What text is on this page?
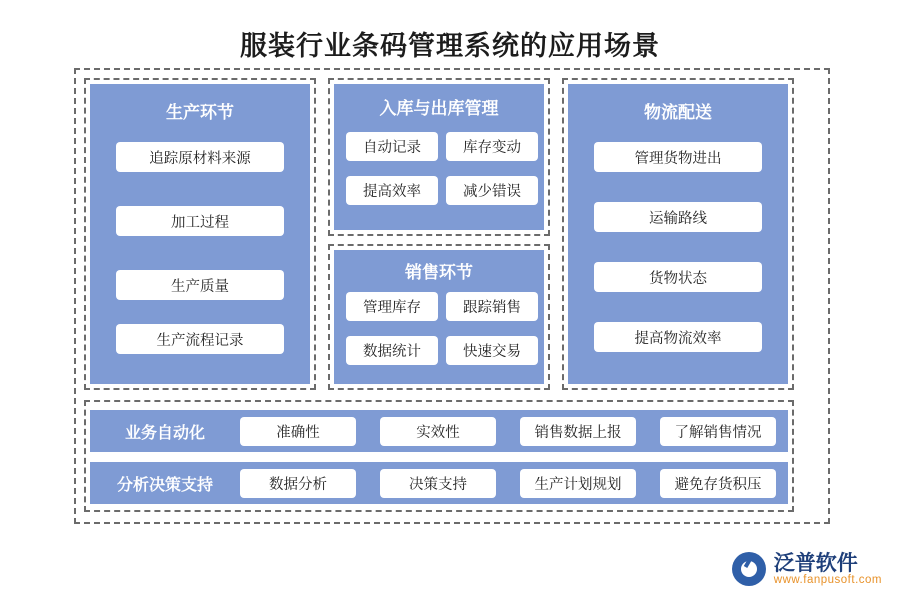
服装行业条码管理系统的应用场景
生产环节
追踪原材料来源
加工过程
生产质量
生产流程记录
入库与出库管理
自动记录	库存变动
提高效率	减少错误
销售环节
管理库存	跟踪销售
数据统计	快速交易
物流配送
管理货物进出
运输路线
货物状态
提高物流效率
业务自动化	准确性	实效性	销售数据上报	了解销售情况
分析决策支持	数据分析	决策支持	生产计划规划	避免存货积压
泛普软件
www.fanpusoft.com
